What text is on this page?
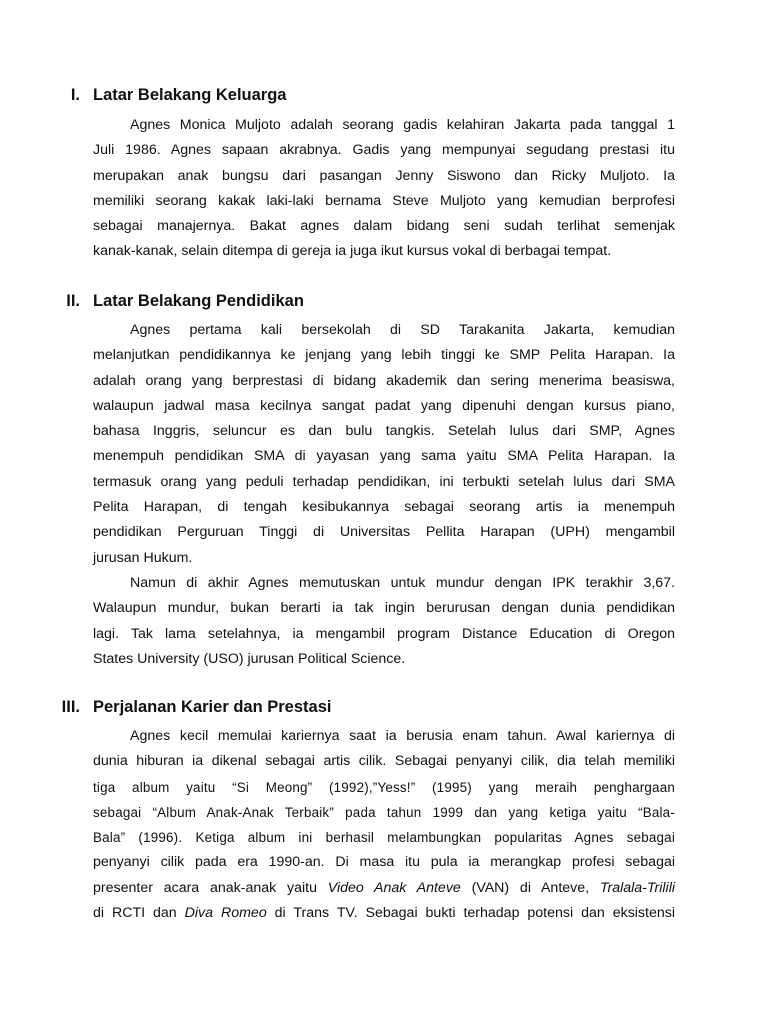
I. Latar Belakang Keluarga
Agnes Monica Muljoto adalah seorang gadis kelahiran Jakarta pada tanggal 1
Juli 1986. Agnes sapaan akrabnya. Gadis yang mempunyai segudang prestasi itu
merupakan anak bungsu dari pasangan Jenny Siswono dan Ricky Muljoto. Ia
memiliki seorang kakak laki-laki bernama Steve Muljoto yang kemudian berprofesi
sebagai manajernya. Bakat agnes dalam bidang seni sudah terlihat semenjak
kanak-kanak, selain ditempa di gereja ia juga ikut kursus vokal di berbagai tempat.
II. Latar Belakang Pendidikan
Agnes pertama kali bersekolah di SD Tarakanita Jakarta, kemudian
melanjutkan pendidikannya ke jenjang yang lebih tinggi ke SMP Pelita Harapan. Ia
adalah orang yang berprestasi di bidang akademik dan sering menerima beasiswa,
walaupun jadwal masa kecilnya sangat padat yang dipenuhi dengan kursus piano,
bahasa Inggris, seluncur es dan bulu tangkis. Setelah lulus dari SMP, Agnes
menempuh pendidikan SMA di yayasan yang sama yaitu SMA Pelita Harapan. Ia
termasuk orang yang peduli terhadap pendidikan, ini terbukti setelah lulus dari SMA
Pelita Harapan, di tengah kesibukannya sebagai seorang artis ia menempuh
pendidikan Perguruan Tinggi di Universitas Pellita Harapan (UPH) mengambil
jurusan Hukum.
Namun di akhir Agnes memutuskan untuk mundur dengan IPK terakhir 3,67.
Walaupun mundur, bukan berarti ia tak ingin berurusan dengan dunia pendidikan
lagi. Tak lama setelahnya, ia mengambil program Distance Education di Oregon
States University (USO) jurusan Political Science.
III. Perjalanan Karier dan Prestasi
Agnes kecil memulai kariernya saat ia berusia enam tahun. Awal kariernya di
dunia hiburan ia dikenal sebagai artis cilik. Sebagai penyanyi cilik, dia telah memiliki
tiga album yaitu “Si Meong” (1992),”Yess!” (1995) yang meraih penghargaan
sebagai “Album Anak-Anak Terbaik” pada tahun 1999 dan yang ketiga yaitu “Bala-
Bala” (1996). Ketiga album ini berhasil melambungkan popularitas Agnes sebagai
penyanyi cilik pada era 1990-an. Di masa itu pula ia merangkap profesi sebagai
presenter acara anak-anak yaitu Video Anak Anteve (VAN) di Anteve, Tralala-Trilili
di RCTI dan Diva Romeo di Trans TV. Sebagai bukti terhadap potensi dan eksistensi
